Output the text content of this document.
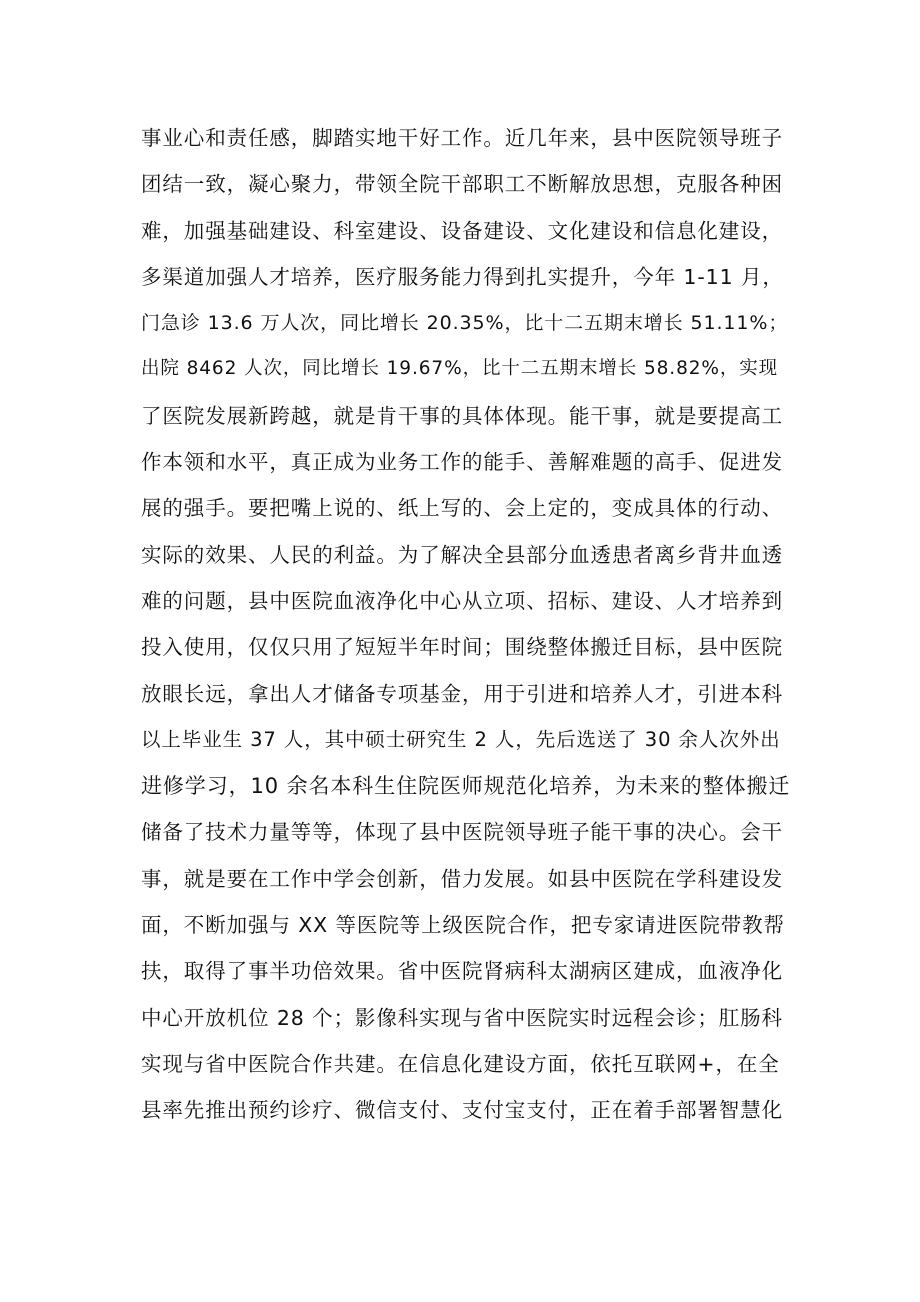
事业心和责任感，脚踏实地干好工作。近几年来，县中医院领导班子
团结一致，凝心聚力，带领全院干部职工不断解放思想，克服各种困
难，加强基础建设、科室建设、设备建设、文化建设和信息化建设，
多渠道加强人才培养，医疗服务能力得到扎实提升，今年 1-11 月，
门急诊 13.6 万人次，同比增长 20.35%，比十二五期末增长 51.11%；
出院 8462 人次，同比增长 19.67%，比十二五期末增长 58.82%，实现
了医院发展新跨越，就是肯干事的具体体现。能干事，就是要提高工
作本领和水平，真正成为业务工作的能手、善解难题的高手、促进发
展的强手。要把嘴上说的、纸上写的、会上定的，变成具体的行动、
实际的效果、人民的利益。为了解决全县部分血透患者离乡背井血透
难的问题，县中医院血液净化中心从立项、招标、建设、人才培养到
投入使用，仅仅只用了短短半年时间；围绕整体搬迁目标，县中医院
放眼长远，拿出人才储备专项基金，用于引进和培养人才，引进本科
以上毕业生 37 人，其中硕士研究生 2 人，先后选送了 30 余人次外出
进修学习，10 余名本科生住院医师规范化培养，为未来的整体搬迁
储备了技术力量等等，体现了县中医院领导班子能干事的决心。会干
事，就是要在工作中学会创新，借力发展。如县中医院在学科建设发
面，不断加强与 XX 等医院等上级医院合作，把专家请进医院带教帮
扶，取得了事半功倍效果。省中医院肾病科太湖病区建成，血液净化
中心开放机位 28 个；影像科实现与省中医院实时远程会诊；肛肠科
实现与省中医院合作共建。在信息化建设方面，依托互联网+，在全
县率先推出预约诊疗、微信支付、支付宝支付，正在着手部署智慧化
